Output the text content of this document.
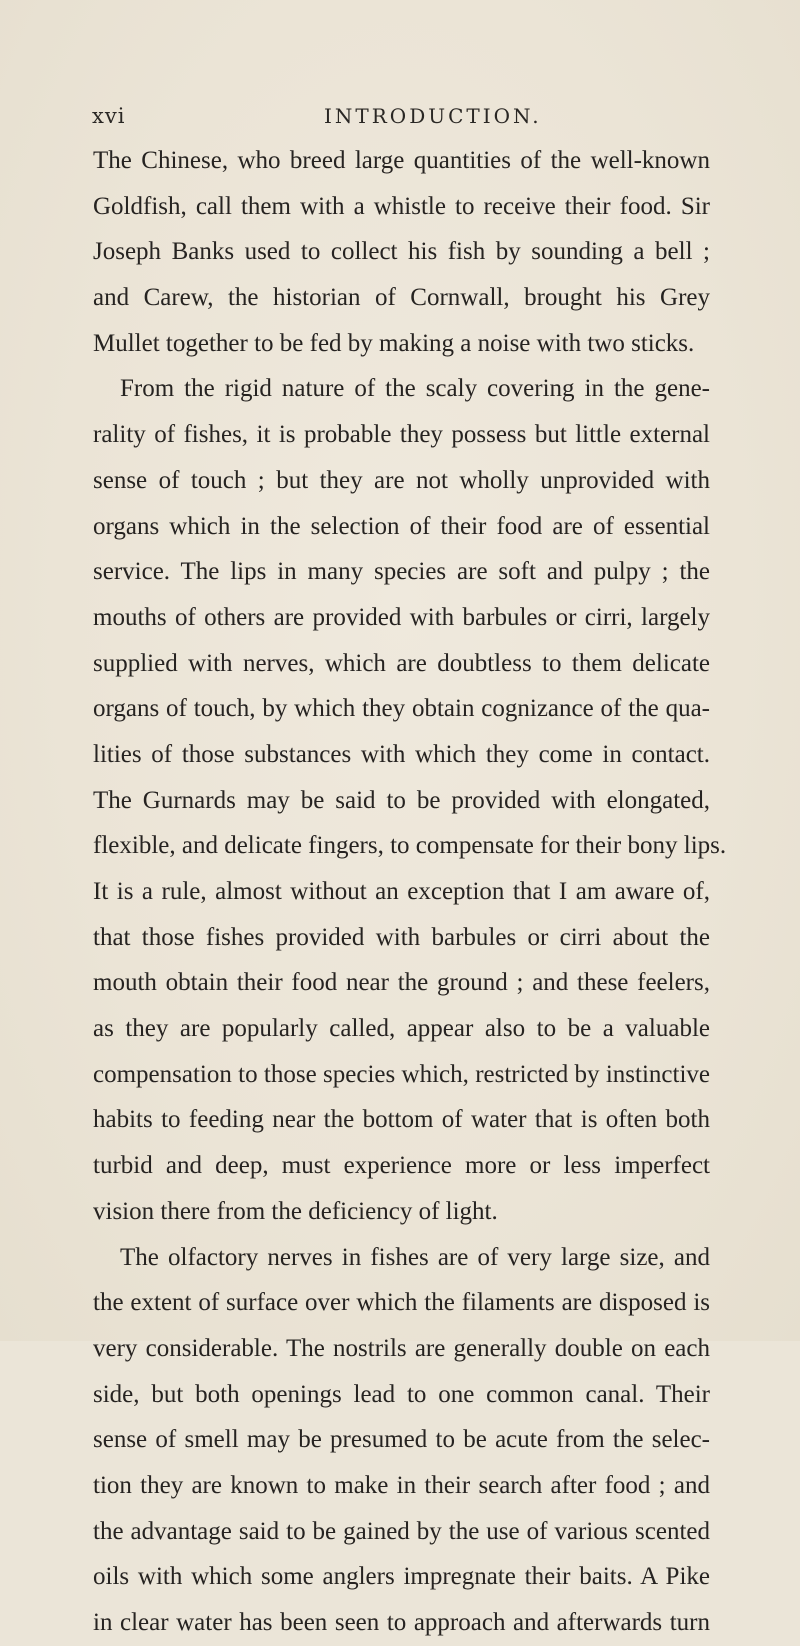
xvi	INTRODUCTION.
The Chinese, who breed large quantities of the well-known
Goldfish, call them with a whistle to receive their food. Sir
Joseph Banks used to collect his fish by sounding a bell ;
and Carew, the historian of Cornwall, brought his Grey
Mullet together to be fed by making a noise with two sticks.
From the rigid nature of the scaly covering in the gene-
rality of fishes, it is probable they possess but little external
sense of touch ; but they are not wholly unprovided with
organs which in the selection of their food are of essential
service. The lips in many species are soft and pulpy ; the
mouths of others are provided with barbules or cirri, largely
supplied with nerves, which are doubtless to them delicate
organs of touch, by which they obtain cognizance of the qua-
lities of those substances with which they come in contact.
The Gurnards may be said to be provided with elongated,
flexible, and delicate fingers, to compensate for their bony lips.
It is a rule, almost without an exception that I am aware of,
that those fishes provided with barbules or cirri about the
mouth obtain their food near the ground ; and these feelers,
as they are popularly called, appear also to be a valuable
compensation to those species which, restricted by instinctive
habits to feeding near the bottom of water that is often both
turbid and deep, must experience more or less imperfect
vision there from the deficiency of light.
The olfactory nerves in fishes are of very large size, and
the extent of surface over which the filaments are disposed is
very considerable. The nostrils are generally double on each
side, but both openings lead to one common canal. Their
sense of smell may be presumed to be acute from the selec-
tion they are known to make in their search after food ; and
the advantage said to be gained by the use of various scented
oils with which some anglers impregnate their baits. A Pike
in clear water has been seen to approach and afterwards turn
